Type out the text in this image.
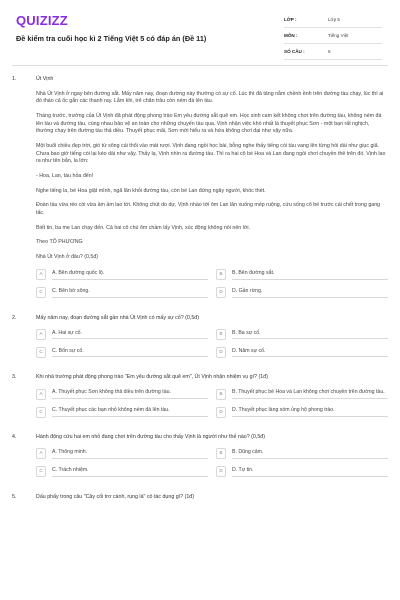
QUIZIZZ
Đề kiểm tra cuối học kì 2 Tiếng Việt 5 có đáp án (Đề 11)
LỚP :	Lớp 5
MÔN :	Tiếng Việt
SỐ CÂU :	6
1.	Út Vịnh
Nhà Út Vịnh ở ngay bên đường sắt. Mấy năm nay, đoạn đường này thường có sự cố. Lúc thì đá tảng nằm chềnh ềnh trên đường tàu chạy, lúc thì ai đó tháo cả ốc gắn các thanh ray. Lắm khi, trẻ chăn trâu còn ném đá lên tàu.
Tháng trước, trường của Út Vịnh đã phát động phong trào Em yêu đường sắt quê em. Học sinh cam kết không chơi trên đường tàu, không ném đá lên tàu và đường tàu, cùng nhau bảo vệ an toàn cho những chuyến tàu qua. Vịnh nhận việc khó nhất là thuyết phục Sơn - một bạn rất nghịch, thường chạy trên đường tàu thả diều. Thuyết phục mãi, Sơn mới hiểu ra và hứa không chơi dại như vậy nữa.
Một buổi chiều đẹp trời, gió từ sông cái thổi vào mát rượi. Vịnh đang ngồi học bài, bỗng nghe thấy tiếng còi tàu vang lên từng hồi dài như giục giã. Chưa bao giờ tiếng còi lại kéo dài như vậy. Thấy lạ, Vịnh nhìn ra đường tàu. Thì ra hai cô bé Hoa và Lan đang ngồi chơi chuyền thẻ trên đó. Vịnh lao ra như tên bắn, la lớn:
- Hoa, Lan, tàu hỏa đến!
Nghe tiếng la, bé Hoa giật mình, ngã lăn khỏi đường tàu, còn bé Lan đứng ngây người, khóc thét.
Đoàn tàu vừa réo còi vừa ầm ầm lao tới. Không chút do dự, Vịnh nhào tới ôm Lan lăn xuống mép ruộng, cứu sống cô bé trước cái chết trong gang tấc.
Biết tin, ba mẹ Lan chạy đến. Cả hai cô chú ôm chầm lấy Vịnh, xúc động không nói nên lời.
Theo TÔ PHƯƠNG
Nhà Út Vịnh ở đâu? (0,5đ)
A	A. Bên đường quốc lộ.	B	B. Bên đường sắt.
C	C. Bên bờ sông.	D	D. Gần rừng.
2.	Mấy năm nay, đoạn đường sắt gần nhà Út Vịnh có mấy sự cố? (0,5đ)
A	A. Hai sự cố.	B	B. Ba sự cố.
C	C. Bốn sự cố.	D	D. Năm sự cố.
3.	Khi nhà trường phát động phong trào "Em yêu đường sắt quê em", Út Vịnh nhận nhiệm vụ gì? (1đ)
A	A. Thuyết phục Sơn không thả diều trên đường tàu.	B	B. Thuyết phục bé Hoa và Lan không chơi chuyền trên đường tàu.
C	C. Thuyết phục các bạn nhỏ không ném đá lên tàu.	D	D. Thuyết phục làng xóm ủng hộ phong trào.
4.	Hành động cứu hai em nhỏ đang chơi trên đường tàu cho thấy Vịnh là người như thế nào? (0,5đ)
A	A. Thông minh.	B	B. Dũng cảm.
C	C. Trách nhiệm.	D	D. Tự tin.
5.	Dấu phẩy trong câu "Cây cối trơ cành, rụng lá" có tác dụng gì? (1đ)
